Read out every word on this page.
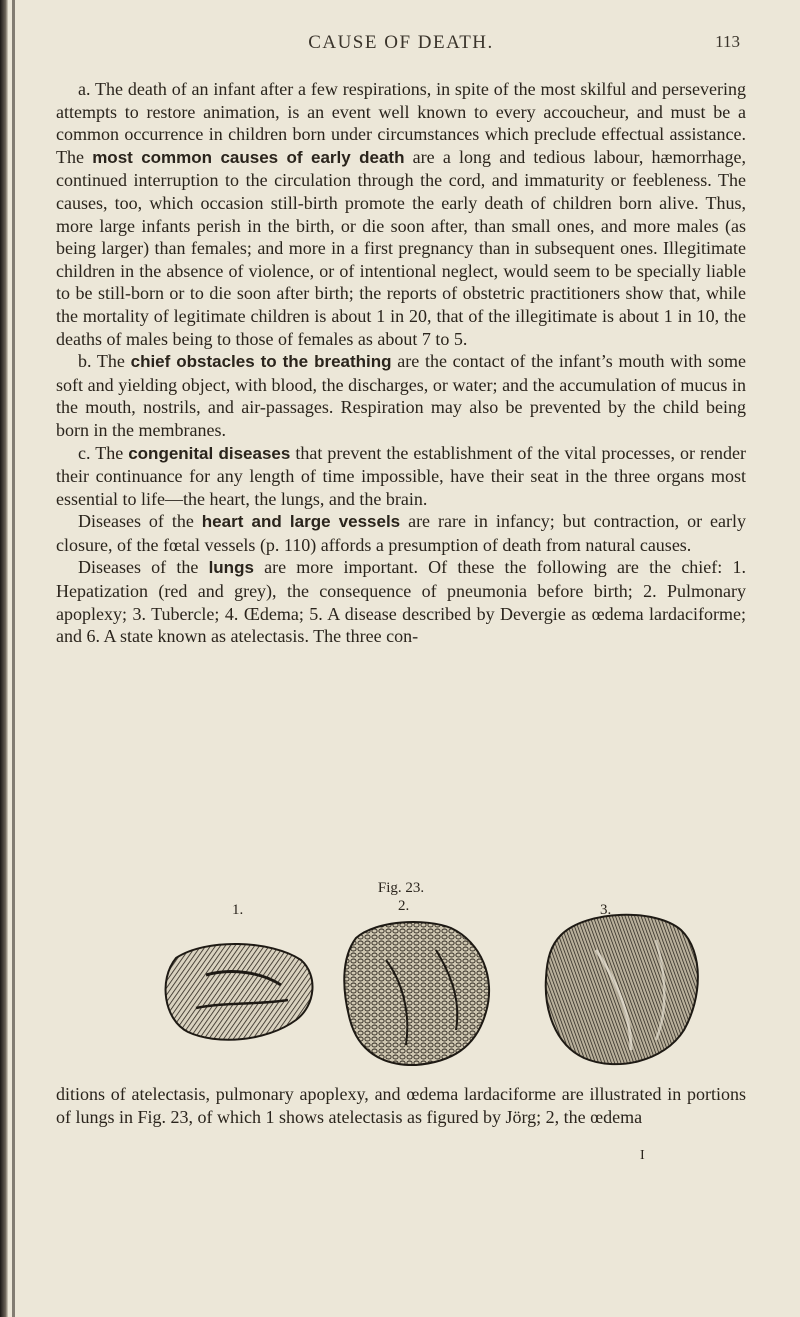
CAUSE OF DEATH.	113

a. The death of an infant after a few respirations, in spite of the most skilful and persevering attempts to restore animation, is an event well known to every accoucheur, and must be a common occurrence in children born under circumstances which preclude effectual assistance. The most common causes of early death are a long and tedious labour, hæmorrhage, continued interruption to the circulation through the cord, and immaturity or feebleness. The causes, too, which occasion still-birth promote the early death of children born alive. Thus, more large infants perish in the birth, or die soon after, than small ones, and more males (as being larger) than females; and more in a first pregnancy than in subsequent ones. Illegitimate children in the absence of violence, or of intentional neglect, would seem to be specially liable to be still-born or to die soon after birth; the reports of obstetric practitioners show that, while the mortality of legitimate children is about 1 in 20, that of the illegitimate is about 1 in 10, the deaths of males being to those of females as about 7 to 5.

b. The chief obstacles to the breathing are the contact of the infant’s mouth with some soft and yielding object, with blood, the discharges, or water; and the accumulation of mucus in the mouth, nostrils, and air-passages. Respiration may also be prevented by the child being born in the membranes.

c. The congenital diseases that prevent the establishment of the vital processes, or render their continuance for any length of time impossible, have their seat in the three organs most essential to life—the heart, the lungs, and the brain.

Diseases of the heart and large vessels are rare in infancy; but contraction, or early closure, of the fœtal vessels (p. 110) affords a presumption of death from natural causes.

Diseases of the lungs are more important. Of these the following are the chief: 1. Hepatization (red and grey), the consequence of pneumonia before birth; 2. Pulmonary apoplexy; 3. Tubercle; 4. Œdema; 5. A disease described by Devergie as œdema lardaciforme; and 6. A state known as atelectasis. The three con-

Fig. 23.
1.	2.	3.

ditions of atelectasis, pulmonary apoplexy, and œdema lardaciforme are illustrated in portions of lungs in Fig. 23, of which 1 shows atelectasis as figured by Jörg; 2, the œdema

I
